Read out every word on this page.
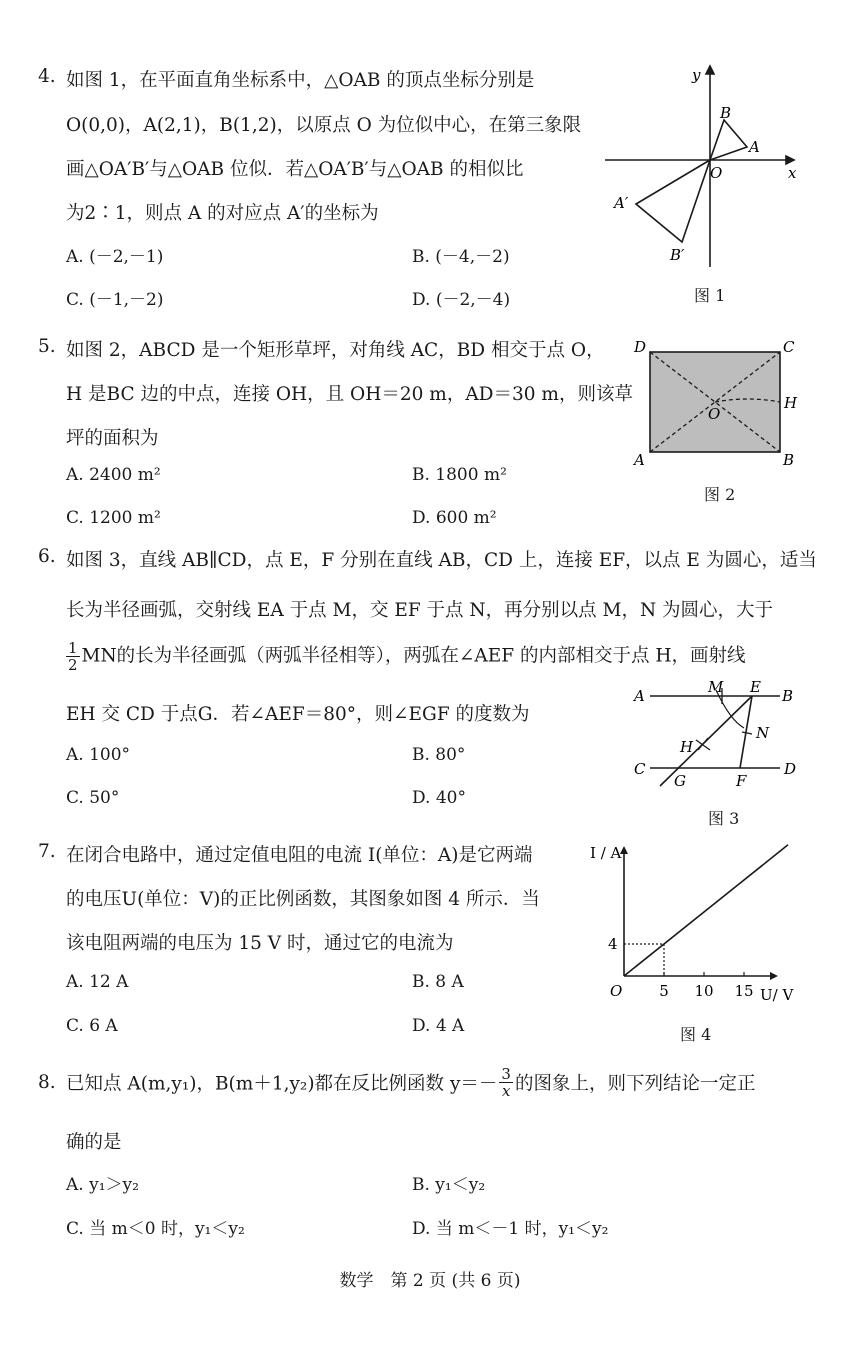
4. 如图 1，在平面直角坐标系中，△OAB 的顶点坐标分别是
O(0,0)，A(2,1)，B(1,2)，以原点 O 为位似中心，在第三象限
画△OA′B′与△OAB 位似．若△OA′B′与△OAB 的相似比
为2∶1，则点 A 的对应点 A′的坐标为
A. (－2,－1)	B. (－4,－2)
C. (－1,－2)	D. (－2,－4)
y
x
O
B
A
A′
B′
图 1
5. 如图 2，ABCD 是一个矩形草坪，对角线 AC，BD 相交于点 O，
H 是BC 边的中点，连接 OH，且 OH＝20 m，AD＝30 m，则该草
坪的面积为
A. 2400 m²	B. 1800 m²
C. 1200 m²	D. 600 m²
D	C
A	B
O
H
图 2
6. 如图 3，直线 AB∥CD，点 E，F 分别在直线 AB，CD 上，连接 EF，以点 E 为圆心，适当
长为半径画弧，交射线 EA 于点 M，交 EF 于点 N，再分别以点 M，N 为圆心，大于
$\frac{1}{2}$ MN的长为半径画弧（两弧半径相等），两弧在∠AEF 的内部相交于点 H，画射线
EH 交 CD 于点G．若∠AEF＝80°，则∠EGF 的度数为
A. 100°	B. 80°
C. 50°	D. 40°
A	M E B
N
H
C
G	F
D
图 3
7. 在闭合电路中，通过定值电阻的电流 I(单位：A)是它两端
的电压U(单位：V)的正比例函数，其图象如图 4 所示．当
该电阻两端的电压为 15 V 时，通过它的电流为
A. 12 A	B. 8 A
C. 6 A	D. 4 A
I / A
U/ V
O 5 10 15
4
图 4
8. 已知点 A(m,y₁)，B(m＋1,y₂)都在反比例函数 $y=- \frac{3}{x}$ 的图象上，则下列结论一定正
确的是
A. y₁＞y₂	B. y₁＜y₂
C. 当 m＜0 时，y₁＜y₂	D. 当 m＜－1 时，y₁＜y₂
数学　第 2 页 (共 6 页)
